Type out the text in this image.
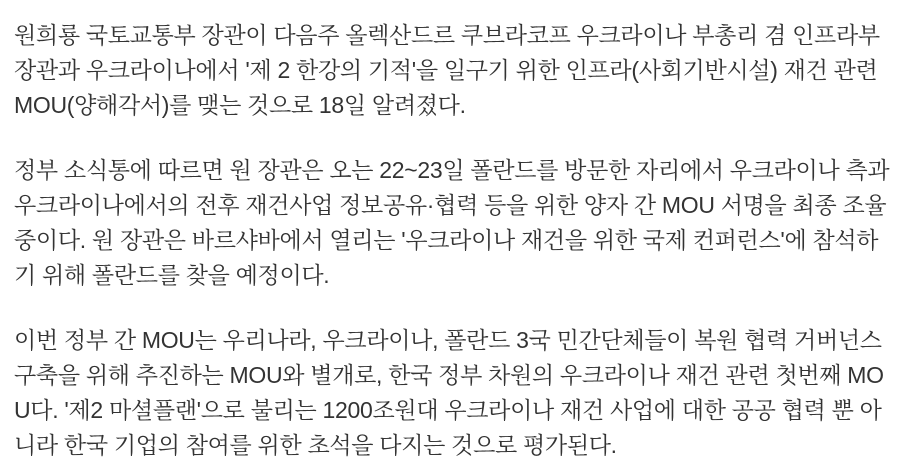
원희룡 국토교통부 장관이 다음주 올렉산드르 쿠브라코프 우크라이나 부총리 겸 인프라부 장관과 우크라이나에서 '제 2 한강의 기적'을 일구기 위한 인프라(사회기반시설) 재건 관련 MOU(양해각서)를 맺는 것으로 18일 알려졌다.

정부 소식통에 따르면 원 장관은 오는 22~23일 폴란드를 방문한 자리에서 우크라이나 측과 우크라이나에서의 전후 재건사업 정보공유·협력 등을 위한 양자 간 MOU 서명을 최종 조율 중이다. 원 장관은 바르샤바에서 열리는 '우크라이나 재건을 위한 국제 컨퍼런스'에 참석하기 위해 폴란드를 찾을 예정이다.

이번 정부 간 MOU는 우리나라, 우크라이나, 폴란드 3국 민간단체들이 복원 협력 거버넌스 구축을 위해 추진하는 MOU와 별개로, 한국 정부 차원의 우크라이나 재건 관련 첫번째 MOU다. '제2 마셜플랜'으로 불리는 1200조원대 우크라이나 재건 사업에 대한 공공 협력 뿐 아니라 한국 기업의 참여를 위한 초석을 다지는 것으로 평가된다.
